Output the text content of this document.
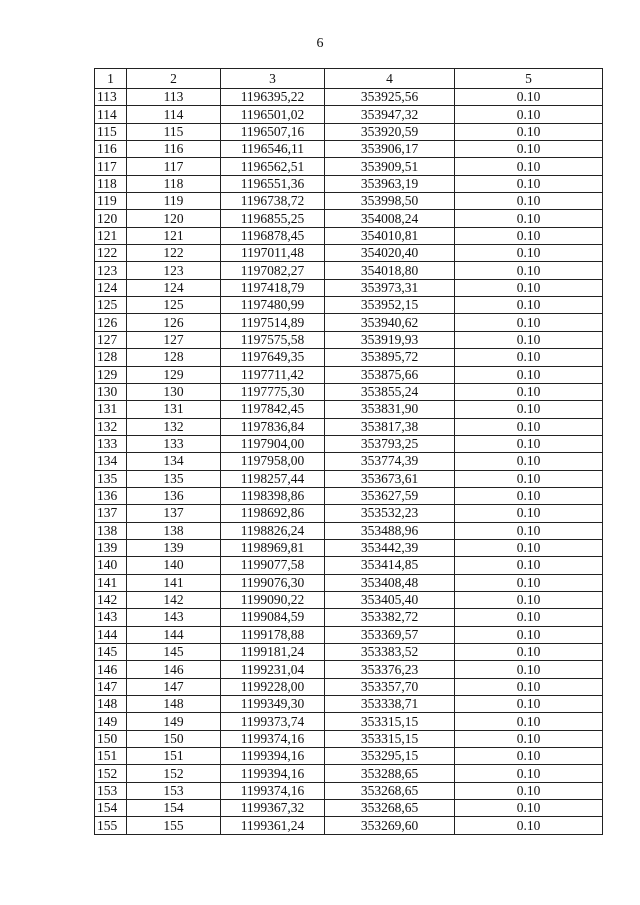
6
1	2	3	4	5
113	113	1196395,22	353925,56	0.10
114	114	1196501,02	353947,32	0.10
115	115	1196507,16	353920,59	0.10
116	116	1196546,11	353906,17	0.10
117	117	1196562,51	353909,51	0.10
118	118	1196551,36	353963,19	0.10
119	119	1196738,72	353998,50	0.10
120	120	1196855,25	354008,24	0.10
121	121	1196878,45	354010,81	0.10
122	122	1197011,48	354020,40	0.10
123	123	1197082,27	354018,80	0.10
124	124	1197418,79	353973,31	0.10
125	125	1197480,99	353952,15	0.10
126	126	1197514,89	353940,62	0.10
127	127	1197575,58	353919,93	0.10
128	128	1197649,35	353895,72	0.10
129	129	1197711,42	353875,66	0.10
130	130	1197775,30	353855,24	0.10
131	131	1197842,45	353831,90	0.10
132	132	1197836,84	353817,38	0.10
133	133	1197904,00	353793,25	0.10
134	134	1197958,00	353774,39	0.10
135	135	1198257,44	353673,61	0.10
136	136	1198398,86	353627,59	0.10
137	137	1198692,86	353532,23	0.10
138	138	1198826,24	353488,96	0.10
139	139	1198969,81	353442,39	0.10
140	140	1199077,58	353414,85	0.10
141	141	1199076,30	353408,48	0.10
142	142	1199090,22	353405,40	0.10
143	143	1199084,59	353382,72	0.10
144	144	1199178,88	353369,57	0.10
145	145	1199181,24	353383,52	0.10
146	146	1199231,04	353376,23	0.10
147	147	1199228,00	353357,70	0.10
148	148	1199349,30	353338,71	0.10
149	149	1199373,74	353315,15	0.10
150	150	1199374,16	353315,15	0.10
151	151	1199394,16	353295,15	0.10
152	152	1199394,16	353288,65	0.10
153	153	1199374,16	353268,65	0.10
154	154	1199367,32	353268,65	0.10
155	155	1199361,24	353269,60	0.10
